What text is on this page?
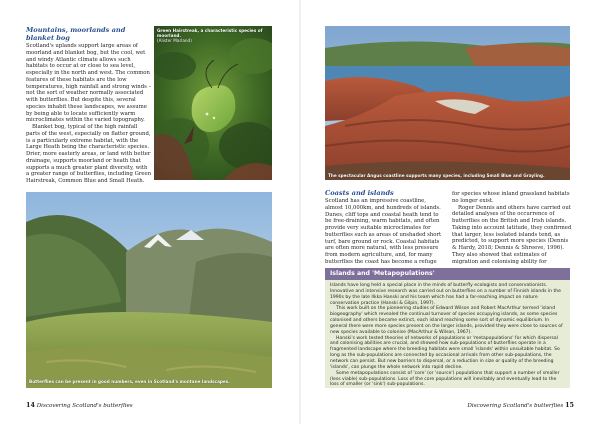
Mountains, moorlands and blanket bog

Scotland's uplands support large areas of moorland and blanket bog, but the cool, wet and windy Atlantic climate allows such habitats to occur at or close to sea level, especially in the north and west. The common features of these habitats are the low temperatures, high rainfall and strong winds – not the sort of weather normally associated with butterflies. But despite this, several species inhabit these landscapes, we assume by being able to locate sufficiently warm microclimates within the varied topography.

Blanket bog, typical of the high rainfall parts of the west, especially on flatter ground, is a particularly extreme habitat, with the Large Heath being the characteristic species. Drier, more easterly areas, or land with better drainage, supports moorland or heath that supports a much greater plant diversity, with a greater range of butterflies, including Green Hairstreak, Common Blue and Small Heath.

Green Hairstreak, a characteristic species of moorland.
(Alister Marland)
Butterflies can be present in good numbers, even in Scotland's montane landscapes.
14 Discovering Scotland's butterflies
The spectacular Angus coastline supports many species, including Small Blue and Grayling.
Coasts and islands

Scotland has an impressive coastline, almost 10,000km, and hundreds of islands. Dunes, cliff tops and coastal heath tend to be free-draining, warm habitats, and often provide very suitable microclimates for butterflies such as areas of unshaded short turf, bare ground or rock. Coastal habitats are often more natural, with less pressure from modern agriculture, and, for many butterflies the coast has become a refuge

for species whose inland grassland habitats no longer exist.

Roger Dennis and others have carried out detailed analyses of the occurrence of butterflies on the British and Irish islands. Taking into account latitude, they confirmed that larger, less isolated islands tend, as predicted, to support more species (Dennis & Hardy, 2018; Dennis & Shreeve, 1996). They also showed that estimates of migration and colonising ability for

Discovering Scotland's butterflies 15
Islands and 'Metapopulations'

Islands have long held a special place in the minds of butterfly ecologists and conservationists. Innovative and intensive research was carried out on butterflies on a number of Finnish islands in the 1990s by the late Ilkka Hanski and his team which has had a far-reaching impact on nature conservation practice (Hanski & Gilpin, 1997).

This work built on the pioneering studies of Edward Wilson and Robert MacArthur termed 'island biogeography' which revealed the continual turnover of species occupying islands, as some species colonised and others became extinct, each island reaching some sort of dynamic equilibrium. In general there were more species present on the larger islands, provided they were close to sources of new species available to colonise (MacArthur & Wilson, 1967).

Hanski's work tested theories of networks of populations or 'metapopulations' for which dispersal and colonising abilities are crucial, and showed how sub-populations of butterflies operate in a fragmented landscape where the breeding habitats were small 'islands' within unsuitable habitat. So long as the sub-populations are connected by occasional arrivals from other sub-populations, the network can persist. But new barriers to dispersal, or a reduction in size or quality of the breeding 'islands', can plunge the whole network into rapid decline.

Some metapopulations consist of 'core' (or 'source') populations that support a number of smaller (less viable) sub-populations. Loss of the core populations will inevitably and eventually lead to the loss of smaller (or 'sink') sub-populations.
